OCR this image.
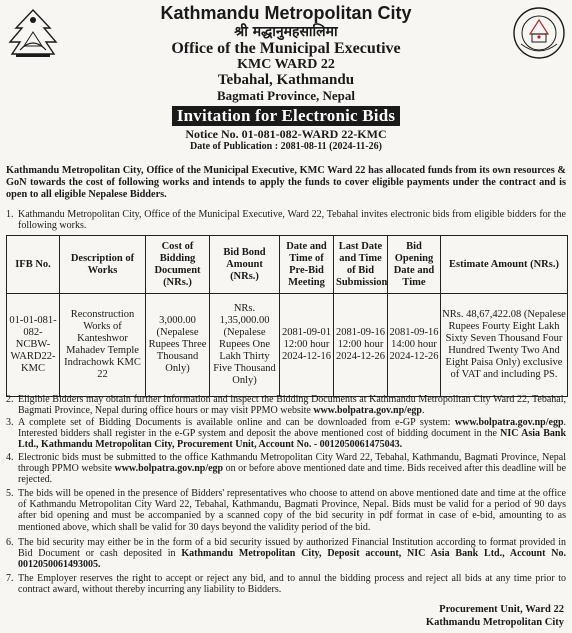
Kathmandu Metropolitan City
श्री मद्धानुमहसालिमा
Office of the Municipal Executive
KMC WARD 22
Tebahal, Kathmandu
Bagmati Province, Nepal
Invitation for Electronic Bids
Notice No. 01-081-082-WARD 22-KMC
Date of Publication : 2081-08-11 (2024-11-26)
Kathmandu Metropolitan City, Office of the Municipal Executive, KMC Ward 22 has allocated funds from its own resources & GoN towards the cost of following works and intends to apply the funds to cover eligible payments under the contract and is open to all eligible Nepalese Bidders.
1. Kathmandu Metropolitan City, Office of the Municipal Executive, Ward 22, Tebahal invites electronic bids from eligible bidders for the following works.
IFB No.	Description of Works	Cost of Bidding Document (NRs.)	Bid Bond Amount (NRs.)	Date and Time of Pre-Bid Meeting	Last Date and Time of Bid Submission	Bid Opening Date and Time	Estimate Amount (NRs.)
01-01-081-082-NCBW-WARD22-KMC	Reconstruction Works of Kanteshwor Mahadev Temple Indrachowk KMC 22	3,000.00 (Nepalese Rupees Three Thousand Only)	NRs. 1,35,000.00 (Nepalese Rupees One Lakh Thirty Five Thousand Only)	2081-09-01 12:00 hour 2024-12-16	2081-09-16 12:00 hour 2024-12-26	2081-09-16 14:00 hour 2024-12-26	NRs. 48,67,422.08 (Nepalese Rupees Fourty Eight Lakh Sixty Seven Thousand Four Hundred Twenty Two And Eight Paisa Only) exclusive of VAT and including PS.
2. Eligible Bidders may obtain further information and inspect the Bidding Documents at Kathmandu Metropolitan City Ward 22, Tebahal, Bagmati Province, Nepal during office hours or may visit PPMO website www.bolpatra.gov.np/egp.
3. A complete set of Bidding Documents is available online and can be downloaded from e-GP system: www.bolpatra.gov.np/egp. Interested bidders shall register in the e-GP system and deposit the above mentioned cost of bidding document in the NIC Asia Bank Ltd., Kathmandu Metropolitan City, Procurement Unit, Account No. - 0012050061475043.
4. Electronic bids must be submitted to the office Kathmandu Metropolitan City Ward 22, Tebahal, Kathmandu, Bagmati Province, Nepal through PPMO website www.bolpatra.gov.np/egp on or before above mentioned date and time. Bids received after this deadline will be rejected.
5. The bids will be opened in the presence of Bidders' representatives who choose to attend on above mentioned date and time at the office of Kathmandu Metropolitan City Ward 22, Tebahal, Kathmandu, Bagmati Province, Nepal. Bids must be valid for a period of 90 days after bid opening and must be accompanied by a scanned copy of the bid security in pdf format in case of e-bid, amounting to as mentioned above, which shall be valid for 30 days beyond the validity period of the bid.
6. The bid security may either be in the form of a bid security issued by authorized Financial Institution according to format provided in Bid Document or cash deposited in Kathmandu Metropolitan City, Deposit account, NIC Asia Bank Ltd., Account No. 0012050061493005.
7. The Employer reserves the right to accept or reject any bid, and to annul the bidding process and reject all bids at any time prior to contract award, without thereby incurring any liability to Bidders.
Procurement Unit, Ward 22
Kathmandu Metropolitan City
